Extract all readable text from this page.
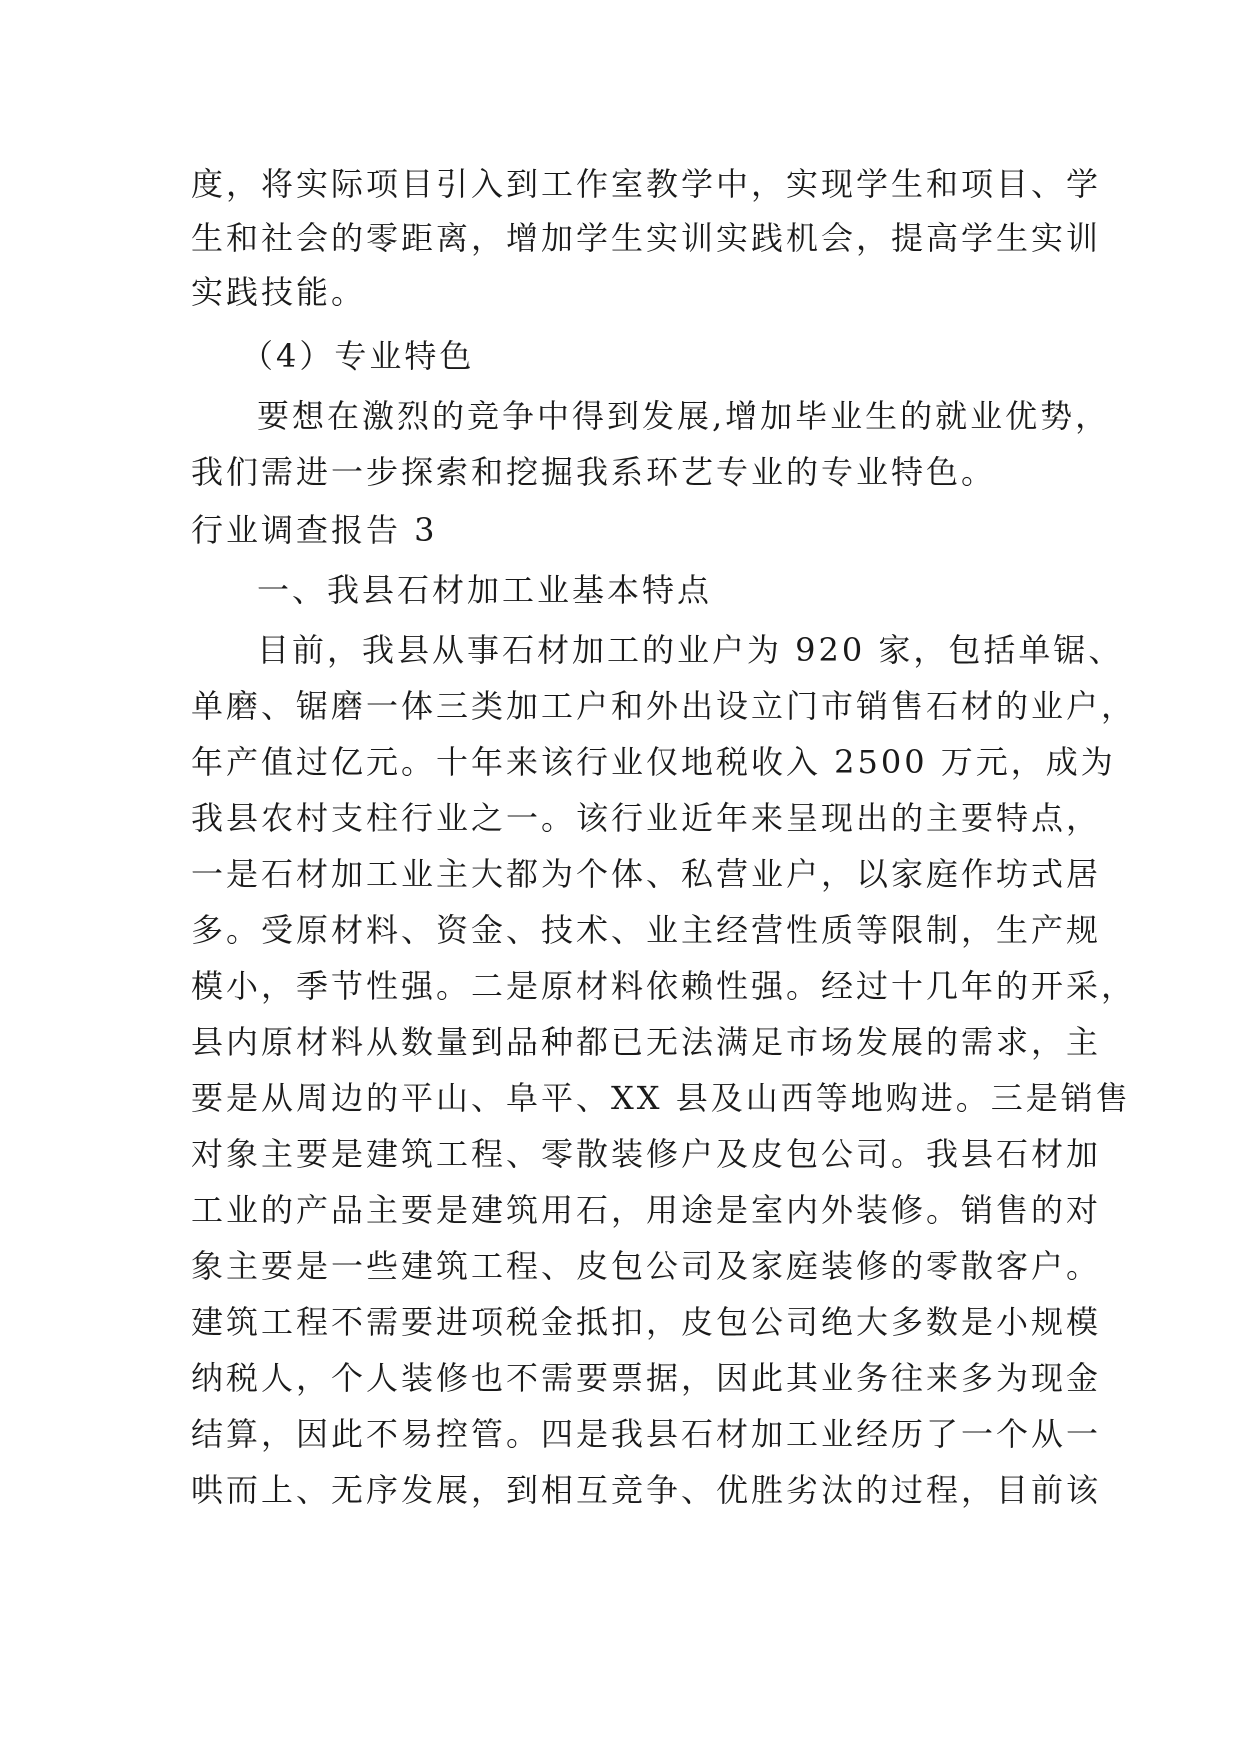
度，将实际项目引入到工作室教学中，实现学生和项目、学
生和社会的零距离，增加学生实训实践机会，提高学生实训
实践技能。
（4）专业特色
要想在激烈的竞争中得到发展,增加毕业生的就业优势，
我们需进一步探索和挖掘我系环艺专业的专业特色。
行业调查报告 3
一、我县石材加工业基本特点
目前，我县从事石材加工的业户为 920 家，包括单锯、
单磨、锯磨一体三类加工户和外出设立门市销售石材的业户，
年产值过亿元。十年来该行业仅地税收入 2500 万元，成为
我县农村支柱行业之一。该行业近年来呈现出的主要特点，
一是石材加工业主大都为个体、私营业户，以家庭作坊式居
多。受原材料、资金、技术、业主经营性质等限制，生产规
模小，季节性强。二是原材料依赖性强。经过十几年的开采，
县内原材料从数量到品种都已无法满足市场发展的需求，主
要是从周边的平山、阜平、XX 县及山西等地购进。三是销售
对象主要是建筑工程、零散装修户及皮包公司。我县石材加
工业的产品主要是建筑用石，用途是室内外装修。销售的对
象主要是一些建筑工程、皮包公司及家庭装修的零散客户。
建筑工程不需要进项税金抵扣，皮包公司绝大多数是小规模
纳税人，个人装修也不需要票据，因此其业务往来多为现金
结算，因此不易控管。四是我县石材加工业经历了一个从一
哄而上、无序发展，到相互竞争、优胜劣汰的过程，目前该
